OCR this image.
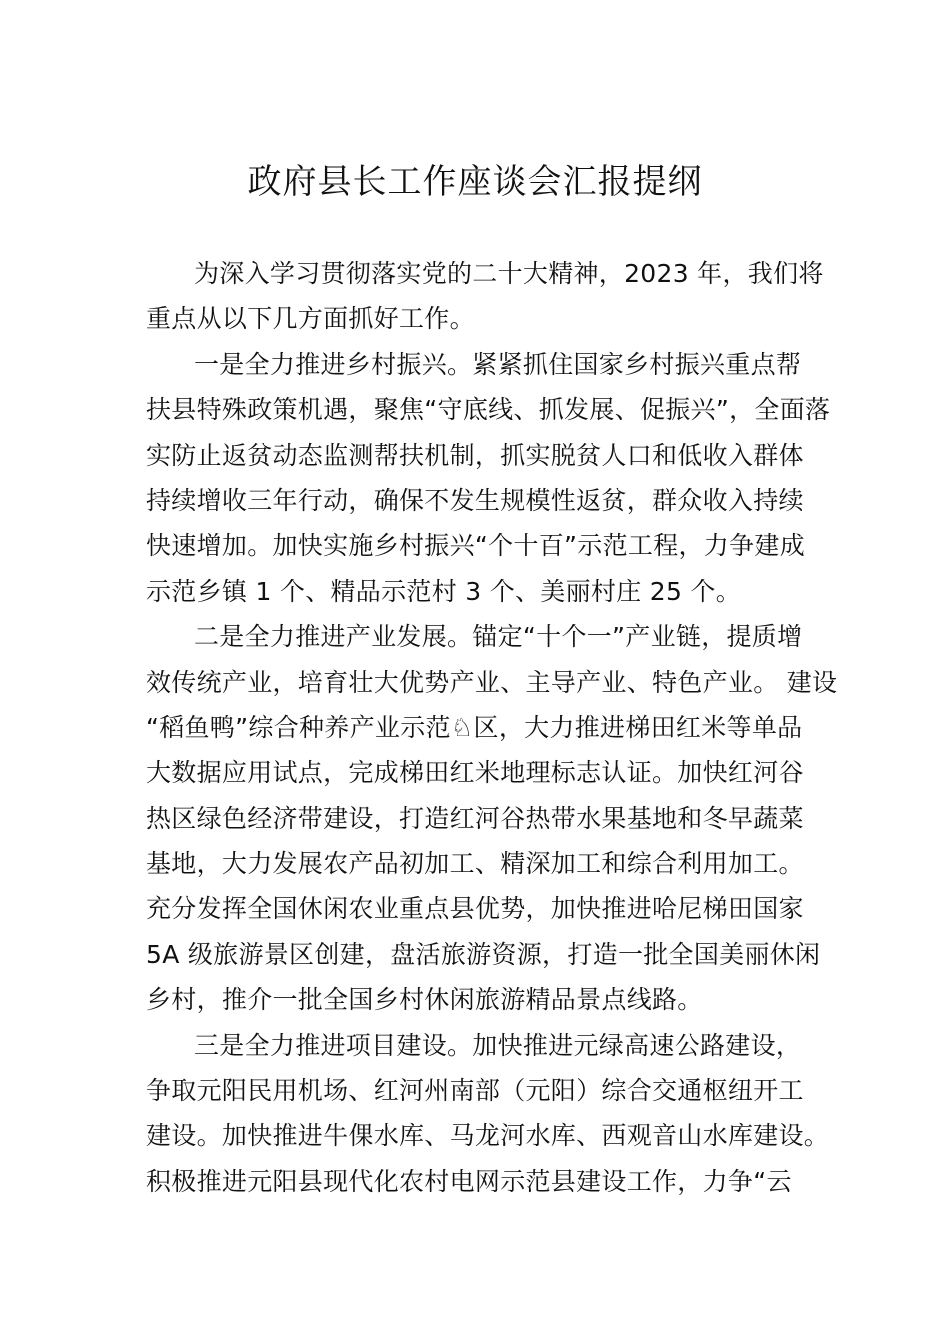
政府县长工作座谈会汇报提纲
为深入学习贯彻落实党的二十大精神，2023 年，我们将
重点从以下几方面抓好工作。
一是全力推进乡村振兴。紧紧抓住国家乡村振兴重点帮
扶县特殊政策机遇，聚焦“守底线、抓发展、促振兴”，全面落
实防止返贫动态监测帮扶机制，抓实脱贫人口和低收入群体
持续增收三年行动，确保不发生规模性返贫，群众收入持续
快速增加。加快实施乡村振兴“个十百”示范工程，力争建成
示范乡镇 1 个、精品示范村 3 个、美丽村庄 25 个。
二是全力推进产业发展。锚定“十个一”产业链，提质增
效传统产业，培育壮大优势产业、主导产业、特色产业。 建设
“稻鱼鸭”综合种养产业示范♘区，大力推进梯田红米等单品
大数据应用试点，完成梯田红米地理标志认证。加快红河谷
热区绿色经济带建设，打造红河谷热带水果基地和冬早蔬菜
基地，大力发展农产品初加工、精深加工和综合利用加工。
充分发挥全国休闲农业重点县优势，加快推进哈尼梯田国家
5A 级旅游景区创建，盘活旅游资源，打造一批全国美丽休闲
乡村，推介一批全国乡村休闲旅游精品景点线路。
三是全力推进项目建设。加快推进元绿高速公路建设，
争取元阳民用机场、红河州南部（元阳）综合交通枢纽开工
建设。加快推进牛倮水库、马龙河水库、西观音山水库建设。
积极推进元阳县现代化农村电网示范县建设工作，力争“云
